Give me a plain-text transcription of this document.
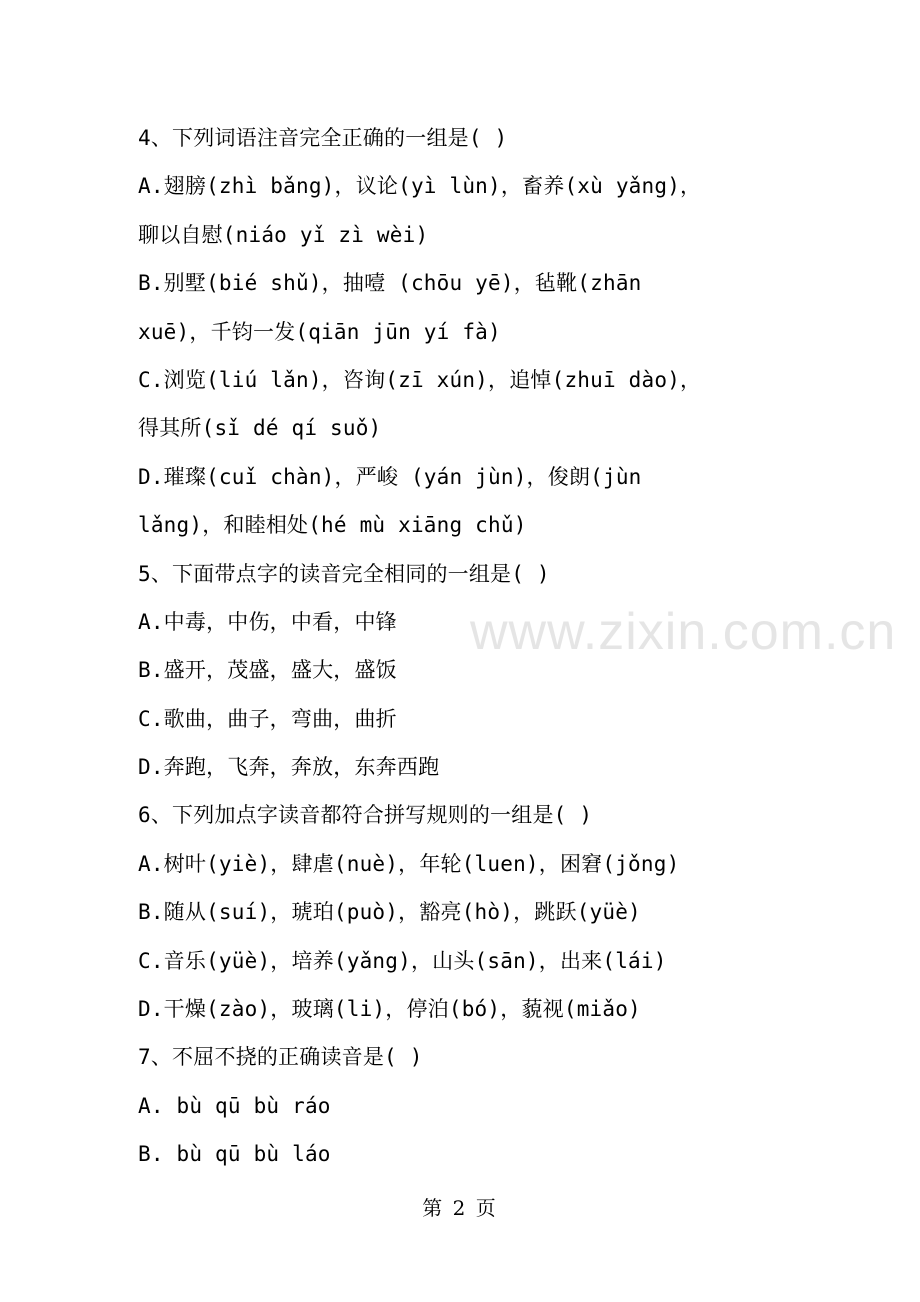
www.zixin.com.cn
4、下列词语注音完全正确的一组是( )
A.翅膀(zhì bǎng)，议论(yì lùn)，畜养(xù yǎng)，
聊以自慰(niáo yǐ zì wèi)
B.别墅(bié shǔ)，抽噎 (chōu yē)，毡靴(zhān
xuē)，千钧一发(qiān jūn yí fà)
C.浏览(liú lǎn)，咨询(zī xún)，追悼(zhuī dào)，
得其所(sǐ dé qí suǒ)
D.璀璨(cuǐ chàn)，严峻 (yán jùn)，俊朗(jùn
lǎng)，和睦相处(hé mù xiāng chǔ)
5、下面带点字的读音完全相同的一组是( )
A.中毒，中伤，中看，中锋
B.盛开，茂盛，盛大，盛饭
C.歌曲，曲子，弯曲，曲折
D.奔跑，飞奔，奔放，东奔西跑
6、下列加点字读音都符合拼写规则的一组是( )
A.树叶(yiè)，肆虐(nuè)，年轮(luen)，困窘(jǒng)
B.随从(suí)，琥珀(può)，豁亮(hò)，跳跃(yüè)
C.音乐(yüè)，培养(yǎng)，山头(sān)，出来(lái)
D.干燥(zào)，玻璃(li)，停泊(bó)，藐视(miǎo)
7、不屈不挠的正确读音是( )
A. bù qū bù ráo
B. bù qū bù láo
第 2 页
